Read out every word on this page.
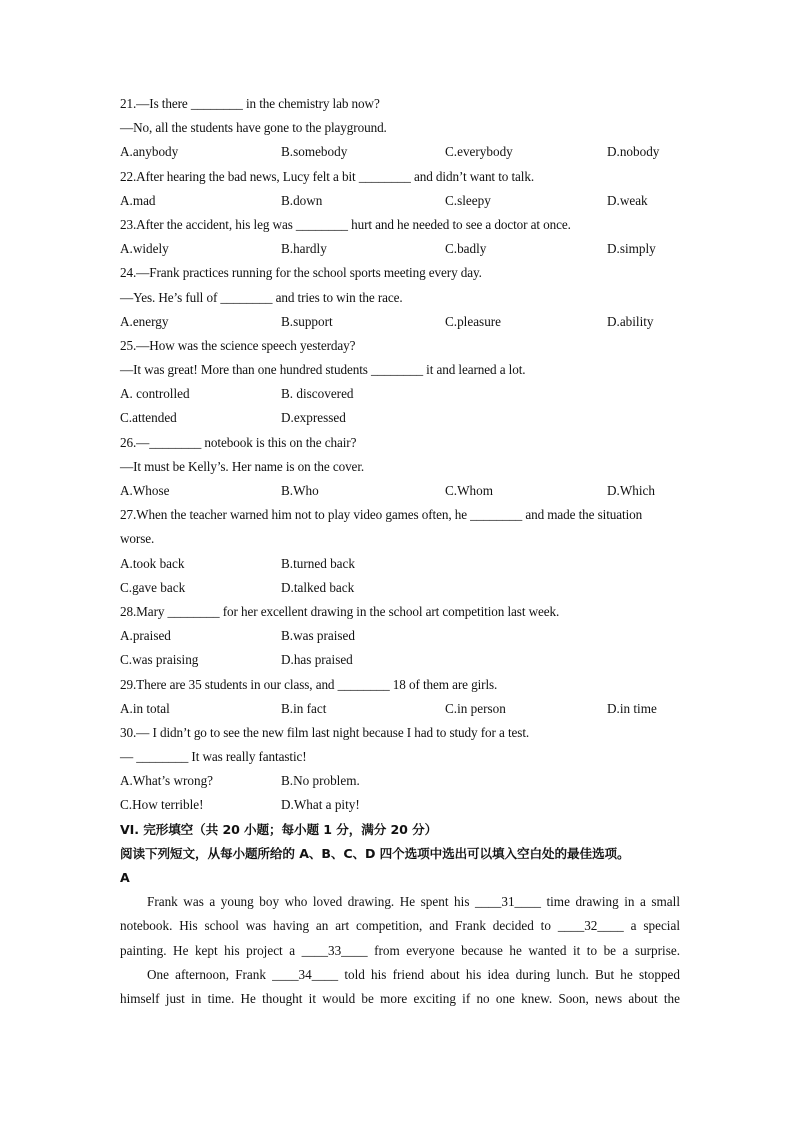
21.—Is there ________ in the chemistry lab now?
—No, all the students have gone to the playground.
A.anybody	B.somebody	C.everybody	D.nobody
22.After hearing the bad news, Lucy felt a bit ________ and didn’t want to talk.
A.mad	B.down	C.sleepy	D.weak
23.After the accident, his leg was ________ hurt and he needed to see a doctor at once.
A.widely	B.hardly	C.badly	D.simply
24.—Frank practices running for the school sports meeting every day.
—Yes. He’s full of ________ and tries to win the race.
A.energy	B.support	C.pleasure	D.ability
25.—How was the science speech yesterday?
—It was great! More than one hundred students ________ it and learned a lot.
A. controlled	B. discovered
C.attended	D.expressed
26.—________ notebook is this on the chair?
—It must be Kelly’s. Her name is on the cover.
A.Whose	B.Who	C.Whom	D.Which
27.When the teacher warned him not to play video games often, he ________ and made the situation
worse.
A.took back	B.turned back
C.gave back	D.talked back
28.Mary ________ for her excellent drawing in the school art competition last week.
A.praised	B.was praised
C.was praising	D.has praised
29.There are 35 students in our class, and ________ 18 of them are girls.
A.in total	B.in fact	C.in person	D.in time
30.— I didn’t go to see the new film last night because I had to study for a test.
— ________ It was really fantastic!
A.What’s wrong?	B.No problem.
C.How terrible!	D.What a pity!
VI. 完形填空（共 20 小题；每小题 1 分，满分 20 分）
阅读下列短文，从每小题所给的 A、B、C、D 四个选项中选出可以填入空白处的最佳选项。
A
Frank was a young boy who loved drawing. He spent his ____31____ time drawing in a small
notebook. His school was having an art competition, and Frank decided to ____32____ a special
painting. He kept his project a ____33____ from everyone because he wanted it to be a surprise.
One afternoon, Frank ____34____ told his friend about his idea during lunch. But he stopped
himself just in time. He thought it would be more exciting if no one knew. Soon, news about the
